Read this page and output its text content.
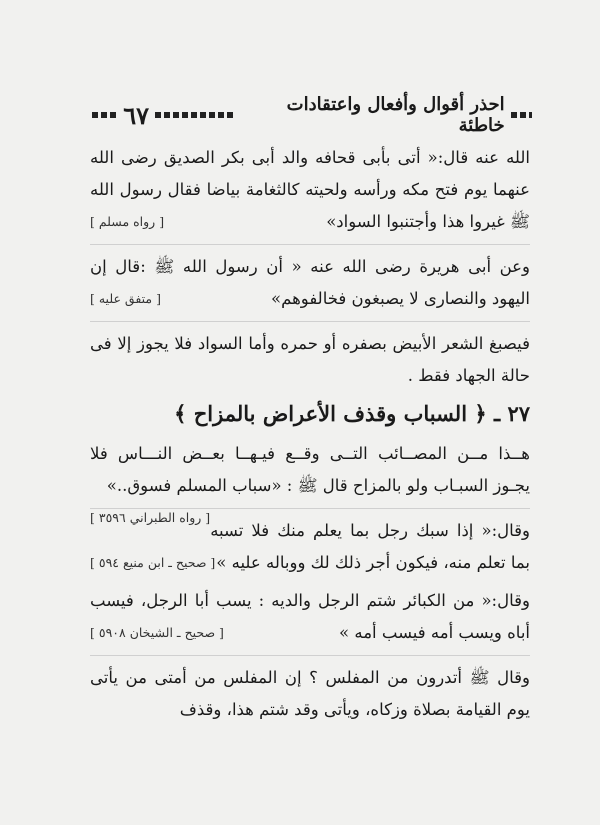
٦٧	احذر أقوال وأفعال واعتقادات خاطئة

الله عنه قال:« أتى بأبى قحافه والد أبى بكر الصديق رضى الله عنهما يوم فتح مكه ورأسه ولحيته كالثغامة بياضا فقال رسول الله ﷺ غيروا هذا وأجتنبوا السواد»
[ رواه مسلم ]

وعن أبى هريرة رضى الله عنه « أن رسول الله ﷺ :قال إن اليهود والنصارى لا يصبغون فخالفوهم»
[ متفق عليه ]

فيصبغ الشعر الأبيض بصفره أو حمره وأما السواد فلا يجوز إلا فى حالة الجهاد فقط .

٢٧ ـ ﴿ السباب وقذف الأعراض بالمزاح ﴾

هــذا مــن المصــائب التــى وقــع فيـهــا بعــض النـــاس فلا يجـوز السبـاب ولو بالمزاح قال ﷺ : «سباب المسلم فسوق..»
[ رواه الطبراني ٣٥٩٦ ]

وقال:« إذا سبك رجل بما يعلم منك فلا تسبه بما تعلم منه، فيكون أجر ذلك لك ووباله عليه »
[ صحيح ـ ابن منيع ٥٩٤ ]

وقال:« من الكبائر شتم الرجل والديه : يسب أبا الرجل، فيسب أباه ويسب أمه فيسب أمه »
[ صحيح ـ الشيخان ٥٩٠٨ ]

وقال ﷺ أتدرون من المفلس ؟ إن المفلس من أمتى من يأتى يوم القيامة بصلاة وزكاه، ويأتى وقد شتم هذا، وقذف
